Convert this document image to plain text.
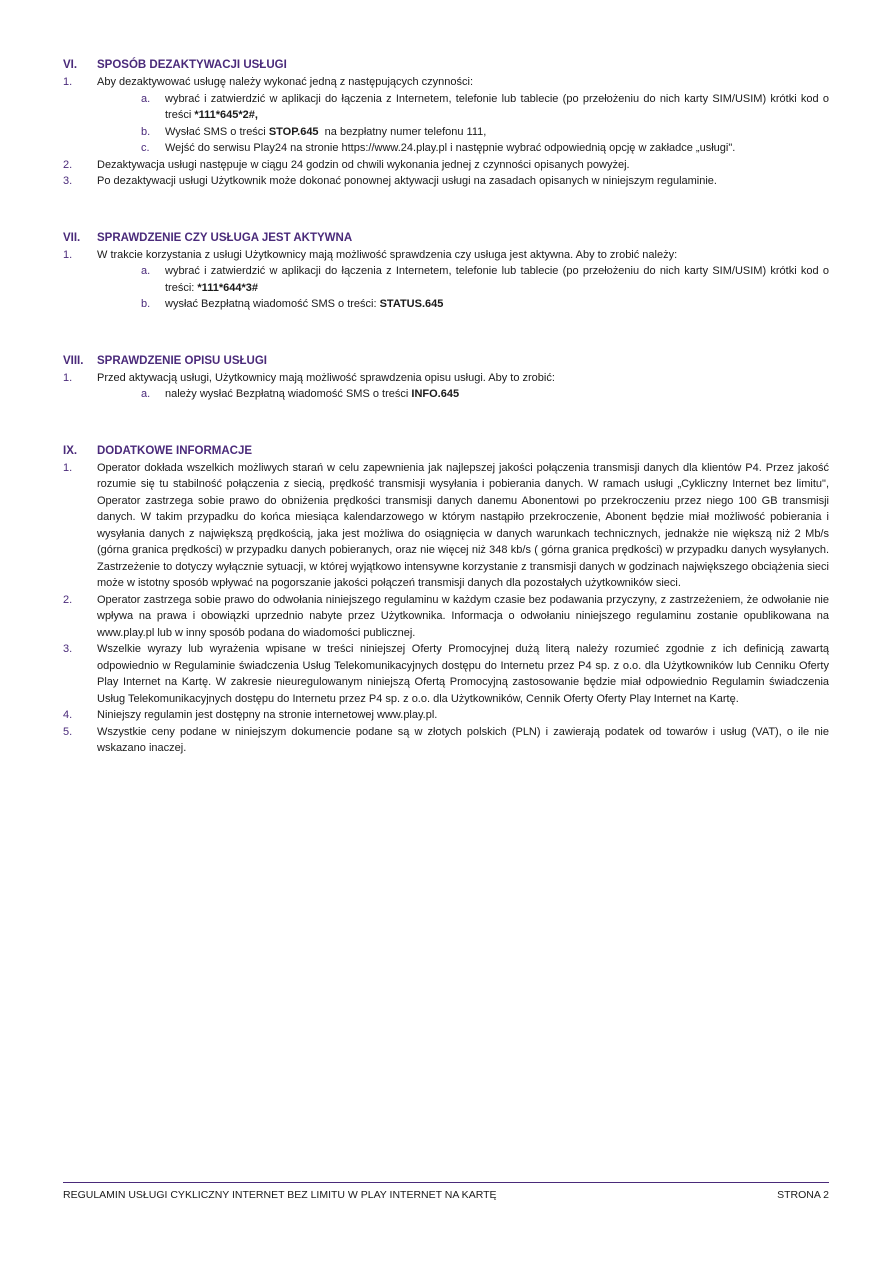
VI.	SPOSÓB DEZAKTYWACJI USŁUGI
1.	Aby dezaktywować usługę należy wykonać jedną z następujących czynności:
a.	wybrać i zatwierdzić w aplikacji do łączenia z Internetem, telefonie lub tablecie (po przełożeniu do nich karty SIM/USIM) krótki kod o treści *111*645*2#,
b.	Wysłać SMS o treści STOP.645  na bezpłatny numer telefonu 111,
c.	Wejść do serwisu Play24 na stronie https://www.24.play.pl i następnie wybrać odpowiednią opcję w zakładce „usługi".
2.	Dezaktywacja usługi następuje w ciągu 24 godzin od chwili wykonania jednej z czynności opisanych powyżej.
3.	Po dezaktywacji usługi Użytkownik może dokonać ponownej aktywacji usługi na zasadach opisanych w niniejszym regulaminie.
VII.	SPRAWDZENIE CZY USŁUGA JEST AKTYWNA
1.	W trakcie korzystania z usługi Użytkownicy mają możliwość sprawdzenia czy usługa jest aktywna. Aby to zrobić należy:
a.	wybrać i zatwierdzić w aplikacji do łączenia z Internetem, telefonie lub tablecie (po przełożeniu do nich karty SIM/USIM) krótki kod o treści: *111*644*3#
b.	wysłać Bezpłatną wiadomość SMS o treści: STATUS.645
VIII.	SPRAWDZENIE OPISU USŁUGI
1.	Przed aktywacją usługi, Użytkownicy mają możliwość sprawdzenia opisu usługi. Aby to zrobić:
a.	należy wysłać Bezpłatną wiadomość SMS o treści INFO.645
IX.	DODATKOWE INFORMACJE
1.	Operator dokłada wszelkich możliwych starań w celu zapewnienia jak najlepszej jakości połączenia transmisji danych dla klientów P4. Przez jakość rozumie się tu stabilność połączenia z siecią, prędkość transmisji wysyłania i pobierania danych. W ramach usługi „Cykliczny Internet bez limitu", Operator zastrzega sobie prawo do obniżenia prędkości transmisji danych danemu Abonentowi po przekroczeniu przez niego 100 GB transmisji danych. W takim przypadku do końca miesiąca kalendarzowego w którym nastąpiło przekroczenie, Abonent będzie miał możliwość pobierania i wysyłania danych z największą prędkością, jaka jest możliwa do osiągnięcia w danych warunkach technicznych, jednakże nie większą niż 2 Mb/s (górna granica prędkości) w przypadku danych pobieranych, oraz nie więcej niż 348 kb/s ( górna granica prędkości) w przypadku danych wysyłanych. Zastrzeżenie to dotyczy wyłącznie sytuacji, w której wyjątkowo intensywne korzystanie z transmisji danych w godzinach największego obciążenia sieci może w istotny sposób wpływać na pogorszanie jakości połączeń transmisji danych dla pozostałych użytkowników sieci.
2.	Operator zastrzega sobie prawo do odwołania niniejszego regulaminu w każdym czasie bez podawania przyczyny, z zastrzeżeniem, że odwołanie nie wpływa na prawa i obowiązki uprzednio nabyte przez Użytkownika. Informacja o odwołaniu niniejszego regulaminu zostanie opublikowana na www.play.pl lub w inny sposób podana do wiadomości publicznej.
3.	Wszelkie wyrazy lub wyrażenia wpisane w treści niniejszej Oferty Promocyjnej dużą literą należy rozumieć zgodnie z ich definicją zawartą odpowiednio w Regulaminie świadczenia Usług Telekomunikacyjnych dostępu do Internetu przez P4 sp. z o.o. dla Użytkowników lub Cenniku Oferty Play Internet na Kartę. W zakresie nieuregulowanym niniejszą Ofertą Promocyjną zastosowanie będzie miał odpowiednio Regulamin świadczenia Usług Telekomunikacyjnych dostępu do Internetu przez P4 sp. z o.o. dla Użytkowników, Cennik Oferty Oferty Play Internet na Kartę.
4.	Niniejszy regulamin jest dostępny na stronie internetowej www.play.pl.
5.	Wszystkie ceny podane w niniejszym dokumencie podane są w złotych polskich (PLN) i zawierają podatek od towarów i usług (VAT), o ile nie wskazano inaczej.
REGULAMIN USŁUGI CYKLICZNY INTERNET BEZ LIMITU W PLAY INTERNET NA KARTĘ	STRONA 2
